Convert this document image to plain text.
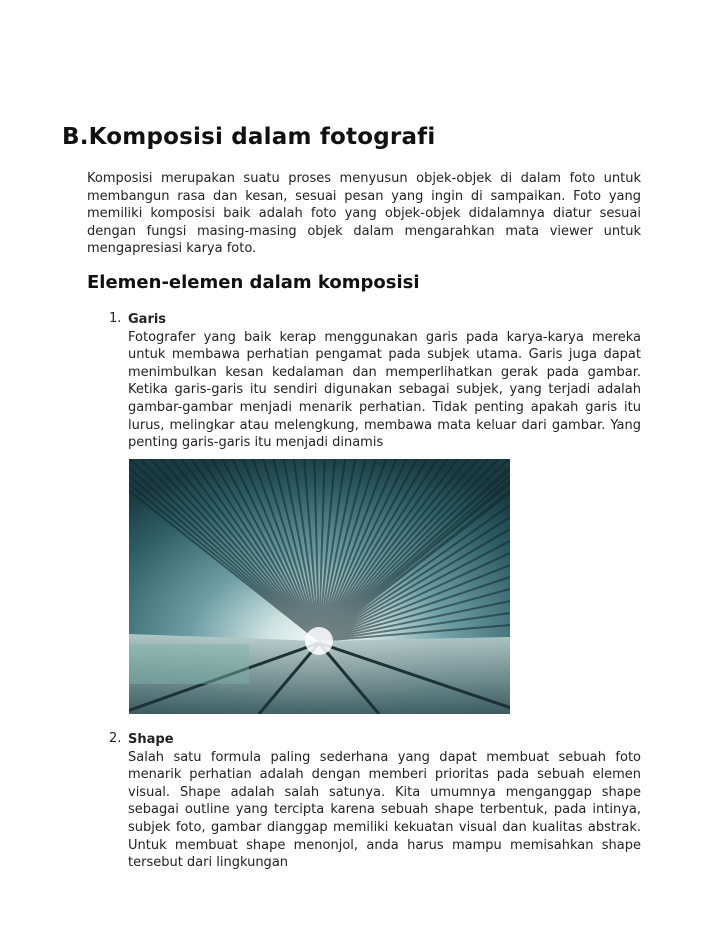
B.Komposisi dalam fotografi

Komposisi merupakan suatu proses menyusun objek-objek di dalam foto untuk membangun rasa dan kesan, sesuai pesan yang ingin di sampaikan. Foto yang memiliki komposisi baik adalah foto yang objek-objek didalamnya diatur sesuai dengan fungsi masing-masing objek dalam mengarahkan mata viewer untuk mengapresiasi karya foto.

Elemen-elemen dalam komposisi
1. Garis
Fotografer yang baik kerap menggunakan garis pada karya-karya mereka untuk membawa perhatian pengamat pada subjek utama. Garis juga dapat menimbulkan kesan kedalaman dan memperlihatkan gerak pada gambar. Ketika garis-garis itu sendiri digunakan sebagai subjek, yang terjadi adalah gambar-gambar menjadi menarik perhatian. Tidak penting apakah garis itu lurus, melingkar atau melengkung, membawa mata keluar dari gambar. Yang penting garis-garis itu menjadi dinamis
2. Shape
Salah satu formula paling sederhana yang dapat membuat sebuah foto menarik perhatian adalah dengan memberi prioritas pada sebuah elemen visual. Shape adalah salah satunya. Kita umumnya menganggap shape sebagai outline yang tercipta karena sebuah shape terbentuk, pada intinya, subjek foto, gambar dianggap memiliki kekuatan visual dan kualitas abstrak. Untuk membuat shape menonjol, anda harus mampu memisahkan shape tersebut dari lingkungan
